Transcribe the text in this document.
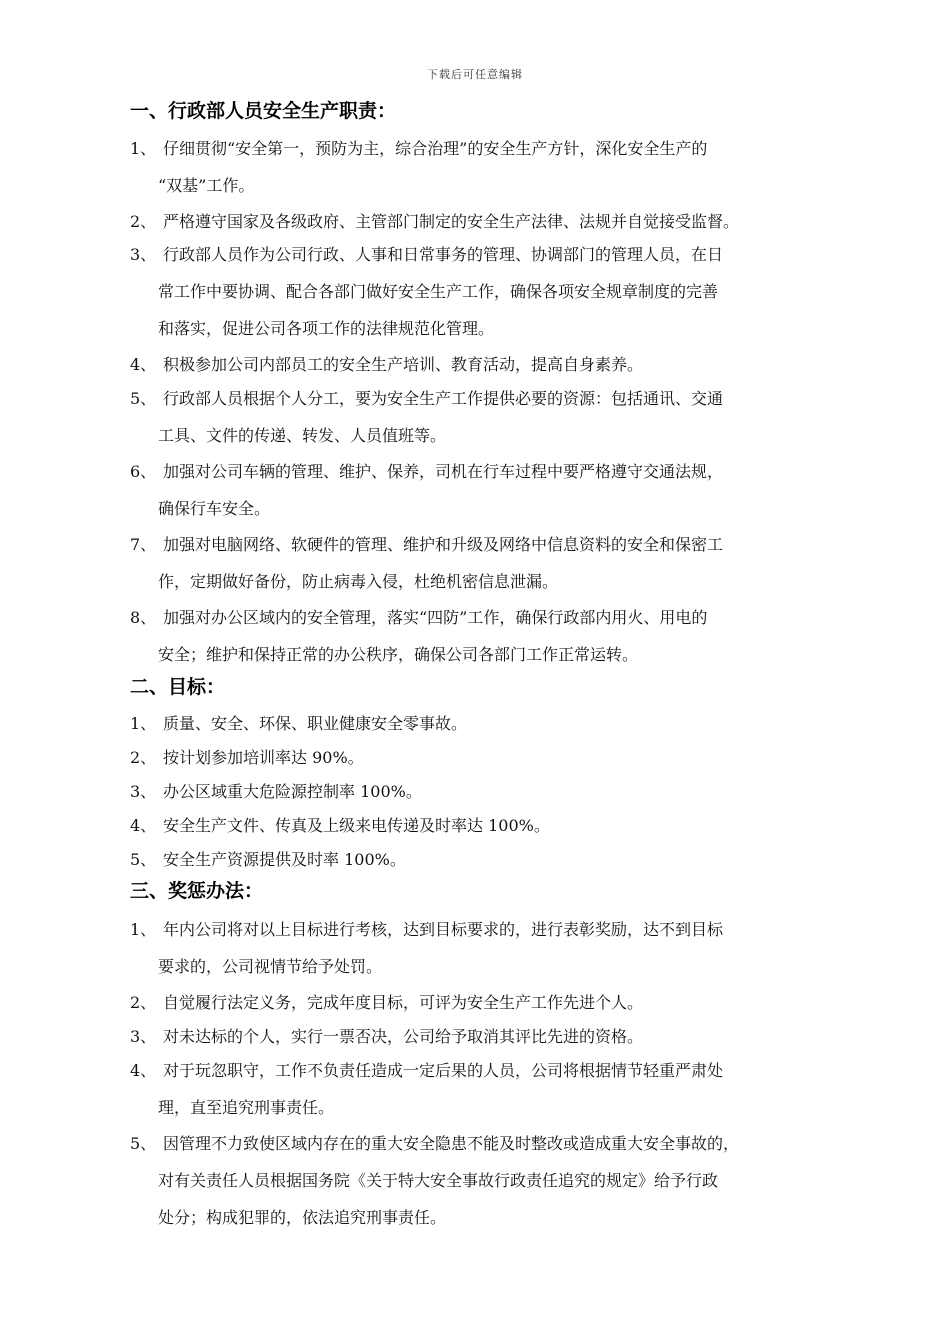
下载后可任意编辑
一、行政部人员安全生产职责：
1、 仔细贯彻“安全第一，预防为主，综合治理”的安全生产方针，深化安全生产的
“双基”工作。
2、 严格遵守国家及各级政府、主管部门制定的安全生产法律、法规并自觉接受监督。
3、 行政部人员作为公司行政、人事和日常事务的管理、协调部门的管理人员，在日
常工作中要协调、配合各部门做好安全生产工作，确保各项安全规章制度的完善
和落实，促进公司各项工作的法律规范化管理。
4、 积极参加公司内部员工的安全生产培训、教育活动，提高自身素养。
5、 行政部人员根据个人分工，要为安全生产工作提供必要的资源：包括通讯、交通
工具、文件的传递、转发、人员值班等。
6、 加强对公司车辆的管理、维护、保养，司机在行车过程中要严格遵守交通法规，
确保行车安全。
7、 加强对电脑网络、软硬件的管理、维护和升级及网络中信息资料的安全和保密工
作，定期做好备份，防止病毒入侵，杜绝机密信息泄漏。
8、 加强对办公区域内的安全管理，落实“四防”工作，确保行政部内用火、用电的
安全；维护和保持正常的办公秩序，确保公司各部门工作正常运转。
二、目标：
1、 质量、安全、环保、职业健康安全零事故。
2、 按计划参加培训率达 90%。
3、 办公区域重大危险源控制率 100%。
4、 安全生产文件、传真及上级来电传递及时率达 100%。
5、 安全生产资源提供及时率 100%。
三、奖惩办法：
1、 年内公司将对以上目标进行考核，达到目标要求的，进行表彰奖励，达不到目标
要求的，公司视情节给予处罚。
2、 自觉履行法定义务，完成年度目标，可评为安全生产工作先进个人。
3、 对未达标的个人，实行一票否决，公司给予取消其评比先进的资格。
4、 对于玩忽职守，工作不负责任造成一定后果的人员，公司将根据情节轻重严肃处
理，直至追究刑事责任。
5、 因管理不力致使区域内存在的重大安全隐患不能及时整改或造成重大安全事故的，
对有关责任人员根据国务院《关于特大安全事故行政责任追究的规定》给予行政
处分；构成犯罪的，依法追究刑事责任。
